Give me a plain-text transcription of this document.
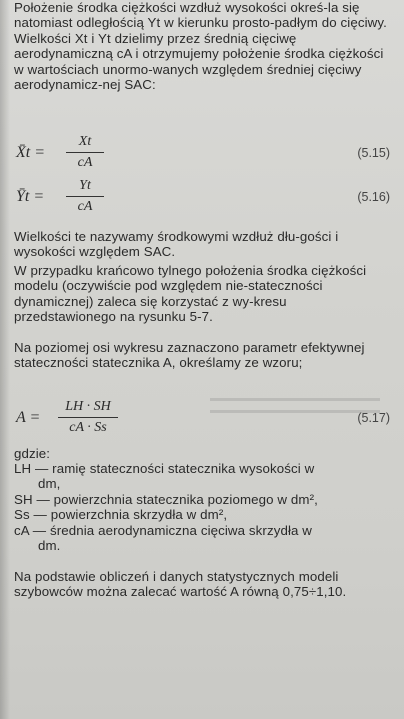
Położenie środka ciężkości wzdłuż wysokości okreś-la się natomiast odległością Yt w kierunku prosto-padłym do cięciwy. Wielkości Xt i Yt dzielimy przez średnią cięciwę aerodynamiczną cA i otrzymujemy położenie środka ciężkości w wartościach unormo-wanych względem średniej cięciwy aerodynamicz-nej SAC:
X̄t = $\frac{Xt}{cA}$	(5.15)
Ȳt = $\frac{Yt}{cA}$	(5.16)
Wielkości te nazywamy środkowymi wzdłuż dłu-gości i wysokości względem SAC.
W przypadku krańcowo tylnego położenia środka ciężkości modelu (oczywiście pod względem nie-stateczności dynamicznej) zaleca się korzystać z wy-kresu przedstawionego na rysunku 5-7.
Na poziomej osi wykresu zaznaczono parametr efektywnej stateczności statecznika A, określamy ze wzoru;
$A = \frac{LH \cdot SH}{cA \cdot Ss}$	(5.17)
gdzie:
LH — ramię stateczności statecznika wysokości w
dm,
SH — powierzchnia statecznika poziomego w dm²,
Ss — powierzchnia skrzydła w dm²,
cA — średnia aerodynamiczna cięciwa skrzydła w
dm.
Na podstawie obliczeń i danych statystycznych modeli szybowców można zalecać wartość A równą 0,75÷1,10.
